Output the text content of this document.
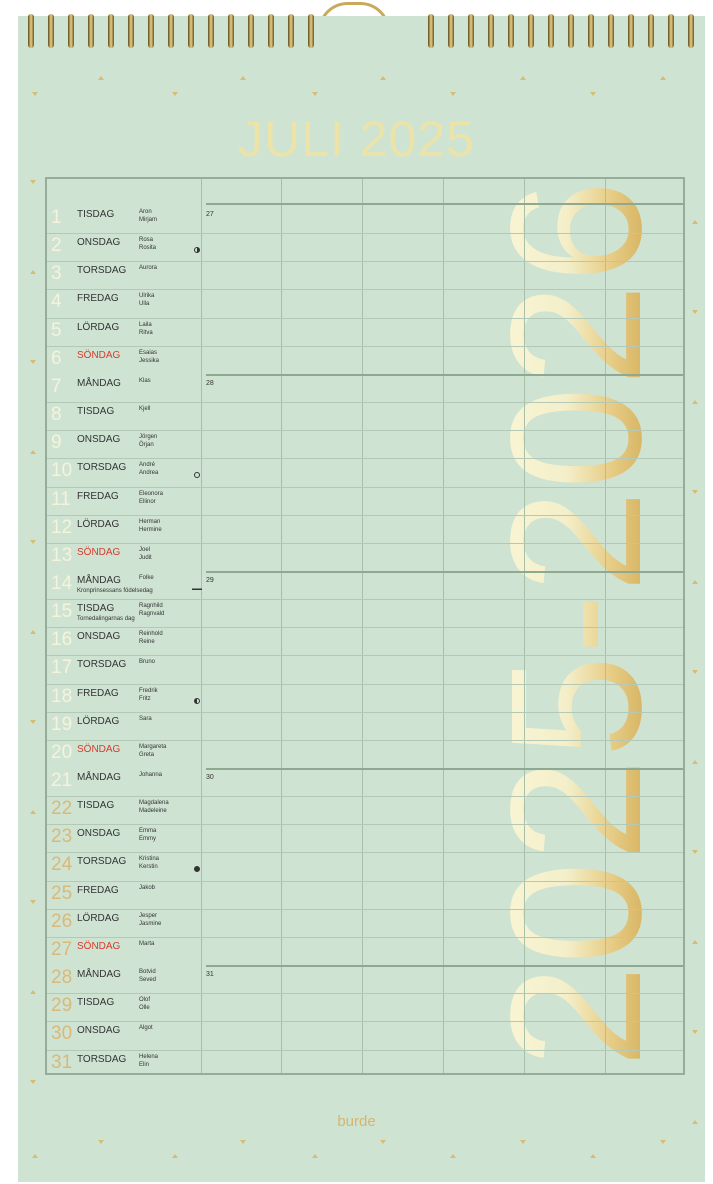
JULI 2025
2025-2026
1 TISDAG	Aron
Mirjam
27
2 ONSDAG	Rosa
Rosita
3 TORSDAG Aurora
4 FREDAG	Ulrika
Ulla
5 LÖRDAG	Laila
Ritva
6 SÖNDAG	Esaias
Jessika
7 MÅNDAG	Klas	28
8 TISDAG	Kjell
9 ONSDAG	Jörgen
Örjan
10 TORSDAG André
Andrea
11 FREDAG	Eleonora
Ellinor
12 LÖRDAG	Herman
Hermine
13 SÖNDAG	Joel
Judit
14 MÅNDAG	Folke
Kronprinsessans födelsedag	▬▬
29
15 TISDAG	Ragnhild
Ragnvald
Tornedalingarnas dag
16 ONSDAG	Reinhold
Reine
17 TORSDAG Bruno
18 FREDAG	Fredrik
Fritz
19 LÖRDAG	Sara
20 SÖNDAG	Margareta
Greta
21 MÅNDAG	Johanna	30
22 TISDAG	Magdalena
Madeleine
23 ONSDAG	Emma
Emmy
24 TORSDAG Kristina
Kerstin
25 FREDAG	Jakob
26 LÖRDAG	Jesper
Jasmine
27 SÖNDAG	Marta
28 MÅNDAG	Botvid
Seved
31
29 TISDAG	Olof
Olle
30 ONSDAG	Algot
31 TORSDAG Helena
Elin
burde
